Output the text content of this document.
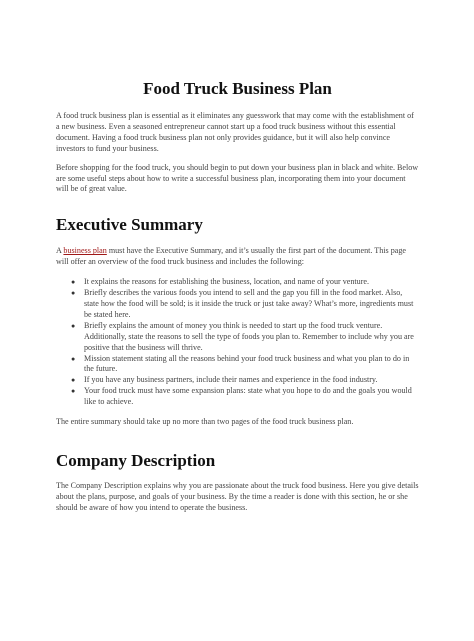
Food Truck Business Plan

A food truck business plan is essential as it eliminates any guesswork that may come with the establishment of a new business. Even a seasoned entrepreneur cannot start up a food truck business without this essential document. Having a food truck business plan not only provides guidance, but it will also help convince investors to fund your business.

Before shopping for the food truck, you should begin to put down your business plan in black and white. Below are some useful steps about how to write a successful business plan, incorporating them into your document will be of great value.

Executive Summary

A business plan must have the Executive Summary, and it’s usually the first part of the document. This page will offer an overview of the food truck business and includes the following:

● It explains the reasons for establishing the business, location, and name of your venture.
● Briefly describes the various foods you intend to sell and the gap you fill in the food market. Also, state how the food will be sold; is it inside the truck or just take away? What’s more, ingredients must be stated here.
● Briefly explains the amount of money you think is needed to start up the food truck venture. Additionally, state the reasons to sell the type of foods you plan to. Remember to include why you are positive that the business will thrive.
● Mission statement stating all the reasons behind your food truck business and what you plan to do in the future.
● If you have any business partners, include their names and experience in the food industry.
● Your food truck must have some expansion plans: state what you hope to do and the goals you would like to achieve.

The entire summary should take up no more than two pages of the food truck business plan.

Company Description

The Company Description explains why you are passionate about the truck food business. Here you give details about the plans, purpose, and goals of your business. By the time a reader is done with this section, he or she should be aware of how you intend to operate the business.
